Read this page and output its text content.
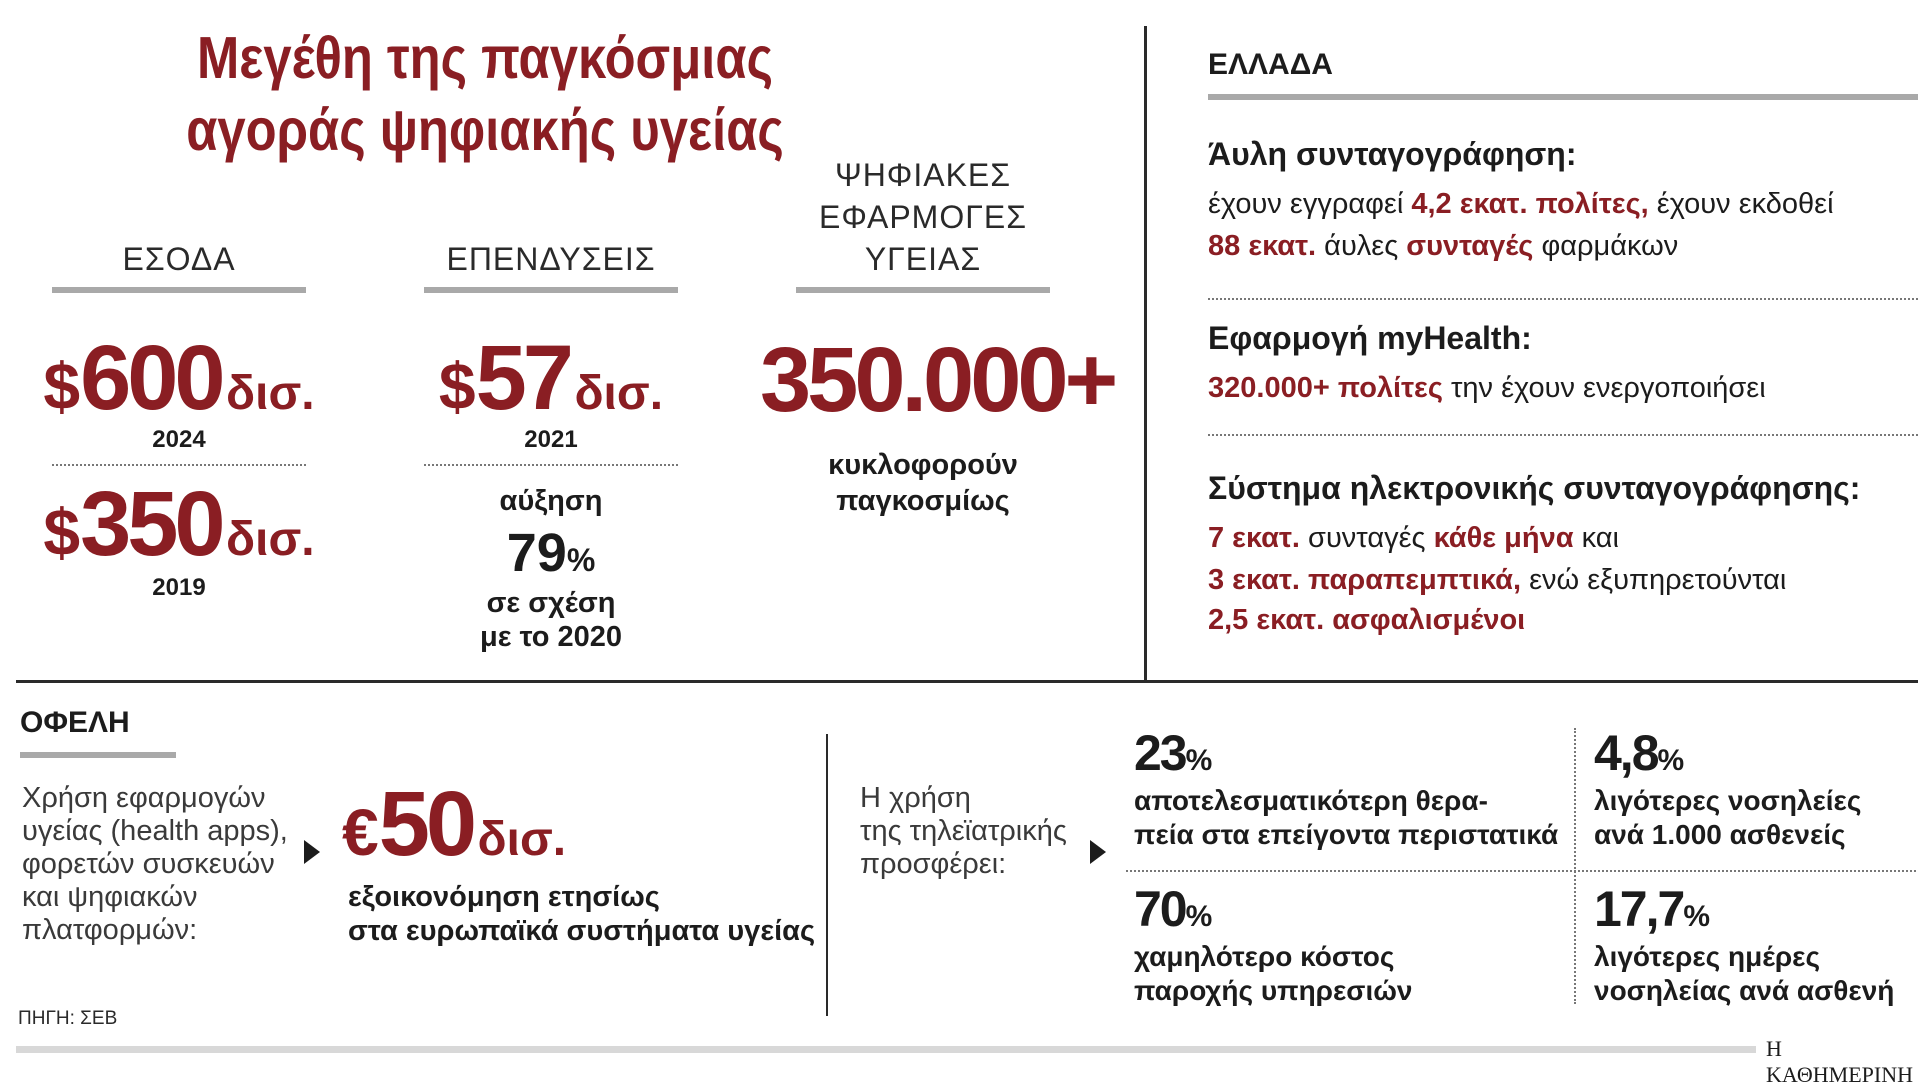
Μεγέθη της παγκόσμιας αγοράς ψηφιακής υγείας
ΕΣΟΔΑ
$600 δισ.
2024
$350 δισ.
2019
ΕΠΕΝΔΥΣΕΙΣ
$57 δισ.
2021
αύξηση
79%
σε σχέση
με το 2020
ΨΗΦΙΑΚΕΣ
ΕΦΑΡΜΟΓΕΣ
ΥΓΕΙΑΣ
350.000+
κυκλοφορούν
παγκοσμίως
ΕΛΛΑΔΑ
Άυλη συνταγογράφηση:
έχουν εγγραφεί 4,2 εκατ. πολίτες, έχουν εκδοθεί
88 εκατ. άυλες συνταγές φαρμάκων
Εφαρμογή myHealth:
320.000+ πολίτες την έχουν ενεργοποιήσει
Σύστημα ηλεκτρονικής συνταγογράφησης:
7 εκατ. συνταγές κάθε μήνα και
3 εκατ. παραπεμπτικά, ενώ εξυπηρετούνται
2,5 εκατ. ασφαλισμένοι
ΟΦΕΛΗ
Χρήση εφαρμογών
υγείας (health apps),
φορετών συσκευών
και ψηφιακών
πλατφορμών:
€50 δισ.
εξοικονόμηση ετησίως
στα ευρωπαϊκά συστήματα υγείας
Η χρήση
της τηλεϊατρικής
προσφέρει:
23%
αποτελεσματικότερη θερα-
πεία στα επείγοντα περιστατικά
4,8%
λιγότερες νοσηλείες
ανά 1.000 ασθενείς
70%
χαμηλότερο κόστος
παροχής υπηρεσιών
17,7%
λιγότερες ημέρες
νοσηλείας ανά ασθενή
ΠΗΓΗ: ΣΕΒ
Η ΚΑΘΗΜΕΡΙΝΗ
